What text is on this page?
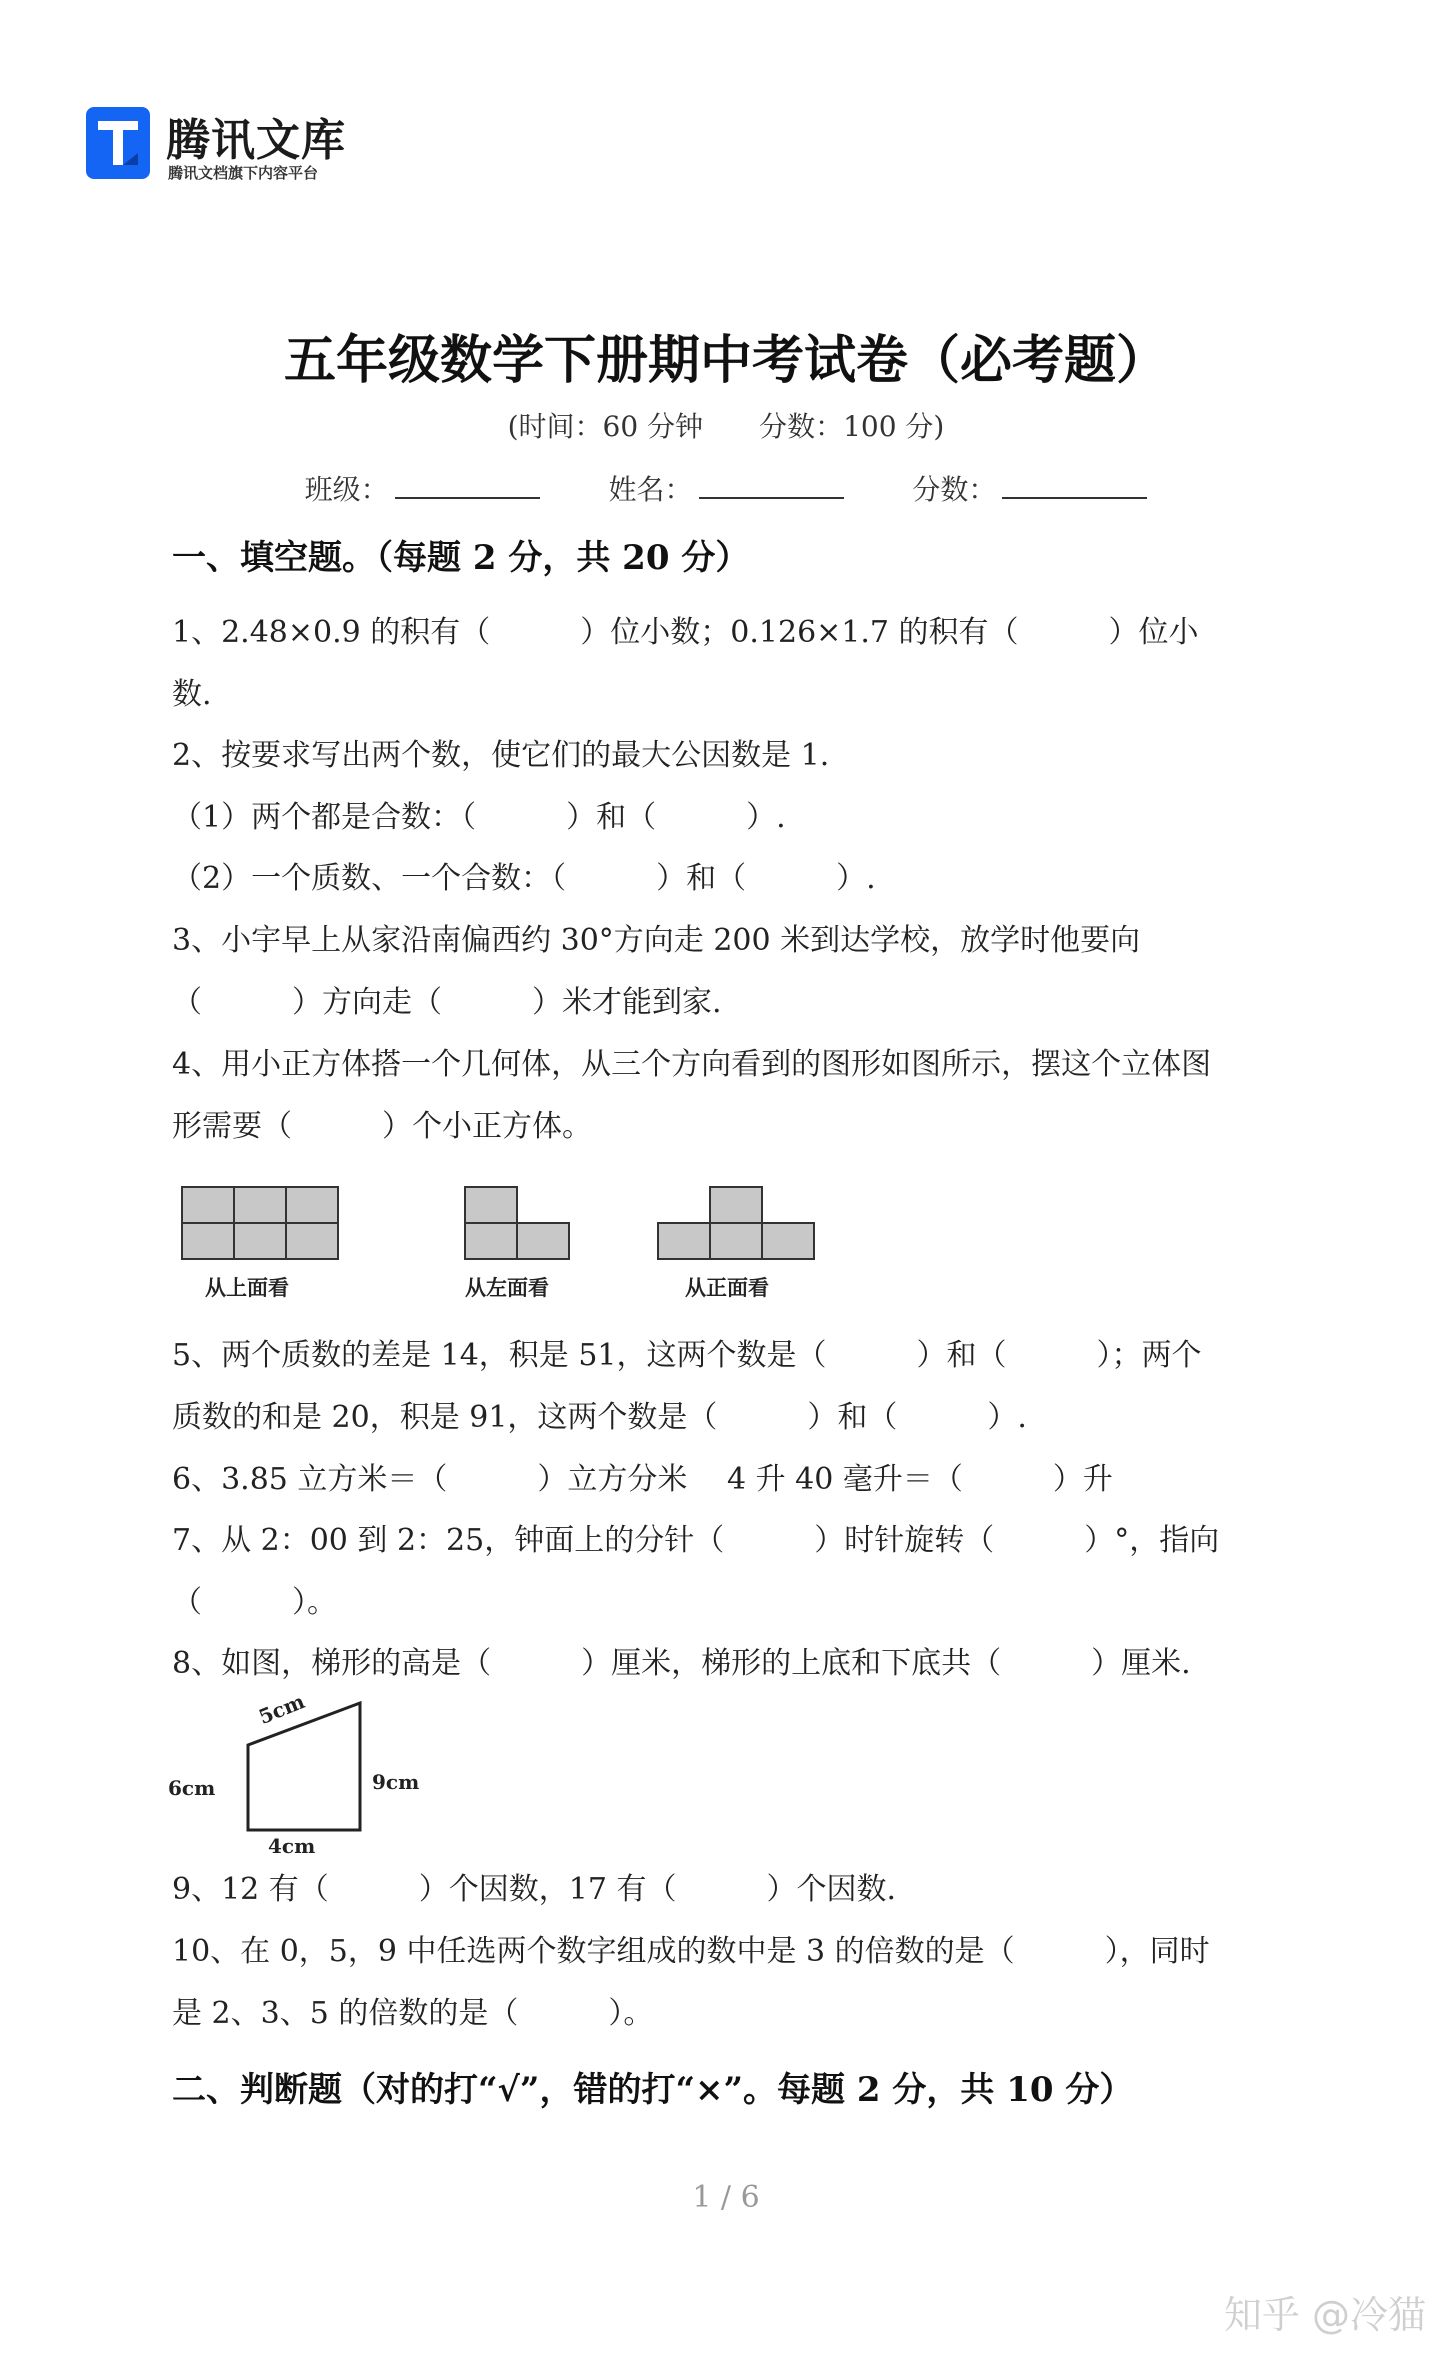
腾讯文库
腾讯文档旗下内容平台
五年级数学下册期中考试卷（必考题）
(时间：60 分钟　　分数：100 分)
班级：	姓名：	分数：
一、填空题。（每题 2 分，共 20 分）
1、2.48×0.9 的积有（　　　）位小数；0.126×1.7 的积有（　　　）位小
数.
2、按要求写出两个数，使它们的最大公因数是 1.
（1）两个都是合数：（　　　）和（　　　）.
（2）一个质数、一个合数：（　　　）和（　　　）.
3、小宇早上从家沿南偏西约 30°方向走 200 米到达学校，放学时他要向
（　　　）方向走（　　　）米才能到家.
4、用小正方体搭一个几何体，从三个方向看到的图形如图所示，摆这个立体图
形需要（　　　）个小正方体。
从上面看	从左面看	从正面看
5、两个质数的差是 14，积是 51，这两个数是（　　　）和（　　　）；两个
质数的和是 20，积是 91，这两个数是（　　　）和（　　　）.
6、3.85 立方米＝（　　　）立方分米　 4 升 40 毫升＝（　　　）升
7、从 2：00 到 2：25，钟面上的分针（　　　）时针旋转（　　　）°，指向
（　　　）。
8、如图，梯形的高是（　　　）厘米，梯形的上底和下底共（　　　）厘米.
5cm
6cm	9cm
4cm
9、12 有（　　　）个因数，17 有（　　　）个因数.
10、在 0，5，9 中任选两个数字组成的数中是 3 的倍数的是（　　　），同时
是 2、3、5 的倍数的是（　　　）。
二、判断题（对的打“√”，错的打“×”。每题 2 分，共 10 分）
1 / 6
知乎 @冷猫
